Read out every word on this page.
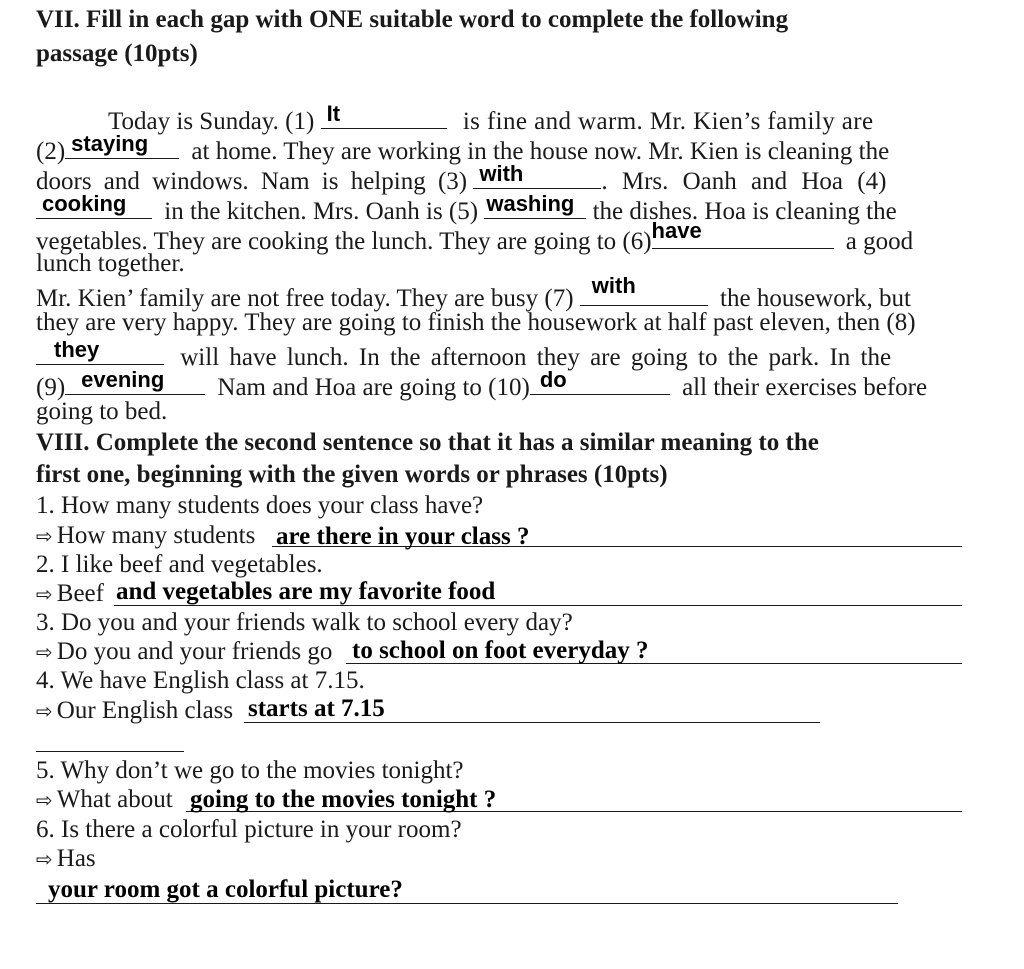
VII. Fill in each gap with ONE suitable word to complete the following
passage (10pts)
Today is Sunday. (1) It	is fine and warm. Mr. Kien’s family are
(2) staying at home. They are working in the house now. Mr. Kien is cleaning the
doors and windows. Nam is helping (3) with	. Mrs. Oanh and Hoa (4)
cooking in the kitchen. Mrs. Oanh is (5) washing the dishes. Hoa is cleaning the
vegetables. They are cooking the lunch. They are going to (6) have	a good
lunch together.
Mr. Kien’ family are not free today. They are busy (7) with	the housework, but
they are very happy. They are going to finish the housework at half past eleven, then (8)
they	will have lunch. In the afternoon they are going to the park. In the
(9) evening Nam and Hoa are going to (10) do	all their exercises before
going to bed.
VIII. Complete the second sentence so that it has a similar meaning to the
first one, beginning with the given words or phrases (10pts)
1. How many students does your class have?
⇨ How many students are there in your class ?
2. I like beef and vegetables.
⇨ Beef and vegetables are my favorite food
3. Do you and your friends walk to school every day?
⇨ Do you and your friends go to school on foot everyday ?
4. We have English class at 7.15.
⇨ Our English class starts at 7.15
5. Why don’t we go to the movies tonight?
⇨ What about going to the movies tonight ?
6. Is there a colorful picture in your room?
⇨ Has
your room got a colorful picture?
